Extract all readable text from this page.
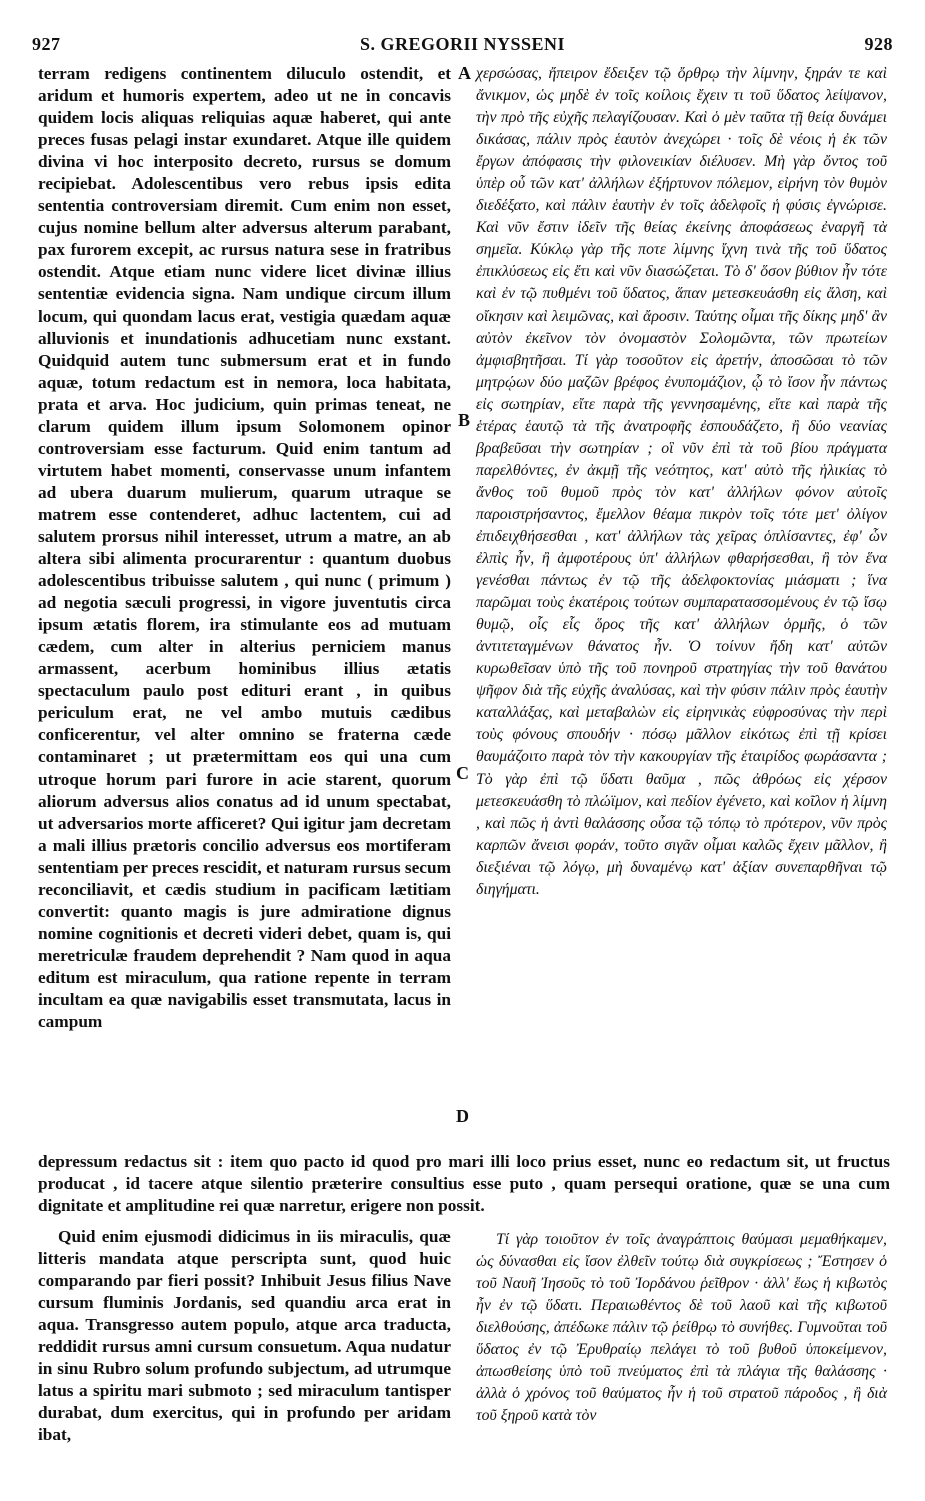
927	S. GREGORII NYSSENI	928
terram redigens continentem diluculo ostendit, et aridum et humoris expertem, adeo ut ne in concavis quidem locis aliquas reliquias aquæ haberet, qui ante preces fusas pelagi instar exundaret. Atque ille quidem divina vi hoc interposito decreto, rursus se domum recipiebat. Adolescentibus vero rebus ipsis edita sententia controversiam diremit. Cum enim non esset, cujus nomine bellum alter adversus alterum parabant, pax furorem excepit, ac rursus natura sese in fratribus ostendit. Atque etiam nunc videre licet divinæ illius sententiæ evidencia signa. Nam undique circum illum locum, qui quondam lacus erat, vestigia quædam aquæ alluvionis et inundationis adhucetiam nunc exstant. Quidquid autem tunc submersum erat et in fundo aquæ, totum redactum est in nemora, loca habitata, prata et arva. Hoc judicium, quin primas teneat, ne clarum quidem illum ipsum Solomonem opinor controversiam esse facturum. Quid enim tantum ad virtutem habet momenti, conservasse unum infantem ad ubera duarum mulierum, quarum utraque se matrem esse contenderet, adhuc lactentem, cui ad salutem prorsus nihil interesset, utrum a matre, an ab altera sibi alimenta procurarentur : quantum duobus adolescentibus tribuisse salutem , qui nunc ( primum ) ad negotia sæculi progressi, in vigore juventutis circa ipsum ætatis florem, ira stimulante eos ad mutuam cædem, cum alter in alterius perniciem manus armassent, acerbum hominibus illius ætatis spectaculum paulo post edituri erant , in quibus periculum erat, ne vel ambo mutuis cædibus conficerentur, vel alter omnino se fraterna cæde contaminaret ; ut prætermittam eos qui una cum utroque horum pari furore in acie starent, quorum aliorum adversus alios conatus ad id unum spectabat, ut adversarios morte afficeret? Qui igitur jam decretam a mali illius prætoris concilio adversus eos mortiferam sententiam per preces rescidit, et naturam rursus secum reconciliavit, et cædis studium in pacificam lætitiam convertit: quanto magis is jure admiratione dignus nomine cognitionis et decreti videri debet, quam is, qui meretriculæ fraudem deprehendit ? Nam quod in aqua editum est miraculum, qua ratione repente in terram incultam ea quæ navigabilis esset transmutata, lacus in campum
χερσώσας, ἤπειρον ἔδειξεν τῷ ὄρθρῳ τὴν λίμνην, ξηράν τε καὶ ἄνικμον, ὡς μηδὲ ἐν τοῖς κοίλοις ἔχειν τι τοῦ ὕδατος λείψανον, τὴν πρὸ τῆς εὐχῆς πελαγίζουσαν. Καὶ ὁ μὲν ταῦτα τῇ θείᾳ δυνάμει δικάσας, πάλιν πρὸς ἑαυτὸν ἀνεχώρει · τοῖς δὲ νέοις ἡ ἐκ τῶν ἔργων ἀπόφασις τὴν φιλονεικίαν διέλυσεν. Μὴ γὰρ ὄντος τοῦ ὑπὲρ οὗ τῶν κατ' ἀλλήλων ἐξήρτυνον πόλεμον, εἰρήνη τὸν θυμὸν διεδέξατο, καὶ πάλιν ἑαυτὴν ἐν τοῖς ἀδελφοῖς ἡ φύσις ἐγνώρισε. Καὶ νῦν ἔστιν ἰδεῖν τῆς θείας ἐκείνης ἀποφάσεως ἐναργῆ τὰ σημεῖα. Κύκλῳ γὰρ τῆς ποτε λίμνης ἴχνη τινὰ τῆς τοῦ ὕδατος ἐπικλύσεως εἰς ἔτι καὶ νῦν διασώζεται. Τὸ δ' ὅσον βύθιον ἦν τότε καὶ ἐν τῷ πυθμένι τοῦ ὕδατος, ἅπαν μετεσκευάσθη εἰς ἄλση, καὶ οἴκησιν καὶ λειμῶνας, καὶ ἄροσιν. Ταύτης οἶμαι τῆς δίκης μηδ' ἂν αὐτὸν ἐκεῖνον τὸν ὀνομαστὸν Σολομῶντα, τῶν πρωτείων ἀμφισβητῆσαι. Τί γὰρ τοσοῦτον εἰς ἀρετήν, ἀποσῶσαι τὸ τῶν μητρῴων δύο μαζῶν βρέφος ἐνυπομάζιον, ᾧ τὸ ἴσον ἦν πάντως εἰς σωτηρίαν, εἴτε παρὰ τῆς γεννησαμένης, εἴτε καὶ παρὰ τῆς ἑτέρας ἑαυτῷ τὰ τῆς ἀνατροφῆς ἐσπουδάζετο, ἢ δύο νεανίας βραβεῦσαι τὴν σωτηρίαν ; οἳ νῦν ἐπὶ τὰ τοῦ βίου πράγματα παρελθόντες, ἐν ἀκμῇ τῆς νεότητος, κατ' αὐτὸ τῆς ἡλικίας τὸ ἄνθος τοῦ θυμοῦ πρὸς τὸν κατ' ἀλλήλων φόνον αὐτοῖς παροιστρήσαντος, ἔμελλον θέαμα πικρὸν τοῖς τότε μετ' ὀλίγον ἐπιδειχθήσεσθαι , κατ' ἀλλήλων τὰς χεῖρας ὁπλίσαντες, ἐφ' ὧν ἐλπὶς ἦν, ἢ ἀμφοτέρους ὑπ' ἀλλήλων φθαρήσεσθαι, ἢ τὸν ἕνα γενέσθαι πάντως ἐν τῷ τῆς ἀδελφοκτονίας μιάσματι ; ἵνα παρῶμαι τοὺς ἑκατέροις τούτων συμπαρατασσομένους ἐν τῷ ἴσῳ θυμῷ, οἷς εἷς ὅρος τῆς κατ' ἀλλήλων ὁρμῆς, ὁ τῶν ἀντιτεταγμένων θάνατος ἦν. Ὁ τοίνυν ἤδη κατ' αὐτῶν κυρωθεῖσαν ὑπὸ τῆς τοῦ πονηροῦ στρατηγίας τὴν τοῦ θανάτου ψῆφον διὰ τῆς εὐχῆς ἀναλύσας, καὶ τὴν φύσιν πάλιν πρὸς ἑαυτὴν καταλλάξας, καὶ μεταβαλὼν εἰς εἰρηνικὰς εὐφροσύνας τὴν περὶ τοὺς φόνους σπουδήν · πόσῳ μᾶλλον εἰκότως ἐπὶ τῇ κρίσει θαυμάζοιτο παρὰ τὸν τὴν κακουργίαν τῆς ἑταιρίδος φωράσαντα ; Τὸ γὰρ ἐπὶ τῷ ὕδατι θαῦμα , πῶς ἀθρόως εἰς χέρσον μετεσκευάσθη τὸ πλώϊμον, καὶ πεδίον ἐγένετο, καὶ κοῖλον ἡ λίμνη , καὶ πῶς ἡ ἀντὶ θαλάσσης οὖσα τῷ τόπῳ τὸ πρότερον, νῦν πρὸς καρπῶν ἄνεισι φοράν, τοῦτο σιγᾶν οἶμαι καλῶς ἔχειν μᾶλλον, ἢ διεξιέναι τῷ λόγῳ, μὴ δυναμένῳ κατ' ἀξίαν συνεπαρθῆναι τῷ διηγήματι.
A
B
C
D
depressum redactus sit : item quo pacto id quod pro mari illi loco prius esset, nunc eo redactum sit, ut fructus producat , id tacere atque silentio præterire consultius esse puto , quam persequi oratione, quæ se una cum dignitate et amplitudine rei quæ narretur, erigere non possit.
Quid enim ejusmodi didicimus in iis miraculis, quæ litteris mandata atque perscripta sunt, quod huic comparando par fieri possit? Inhibuit Jesus filius Nave cursum fluminis Jordanis, sed quandiu arca erat in aqua. Transgresso autem populo, atque arca traducta, reddidit rursus amni cursum consuetum. Aqua nudatur in sinu Rubro solum profundo subjectum, ad utrumque latus a spiritu mari submoto ; sed miraculum tantisper durabat, dum exercitus, qui in profundo per aridam ibat,
Τί γὰρ τοιοῦτον ἐν τοῖς ἀναγράπτοις θαύμασι μεμαθήκαμεν, ὡς δύνασθαι εἰς ἴσον ἐλθεῖν τούτῳ διὰ συγκρίσεως ; Ἔστησεν ὁ τοῦ Ναυῆ Ἰησοῦς τὸ τοῦ Ἰορδάνου ῥεῖθρον · ἀλλ' ἕως ἡ κιβωτὸς ἦν ἐν τῷ ὕδατι. Περαιωθέντος δὲ τοῦ λαοῦ καὶ τῆς κιβωτοῦ διελθούσης, ἀπέδωκε πάλιν τῷ ῥείθρῳ τὸ συνήθες. Γυμνοῦται τοῦ ὕδατος ἐν τῷ Ἐρυθραίῳ πελάγει τὸ τοῦ βυθοῦ ὑποκείμενον, ἀπωσθείσης ὑπὸ τοῦ πνεύματος ἐπὶ τὰ πλάγια τῆς θαλάσσης · ἀλλὰ ὁ χρόνος τοῦ θαύματος ἦν ἡ τοῦ στρατοῦ πάροδος , ἢ διὰ τοῦ ξηροῦ κατὰ τὸν
